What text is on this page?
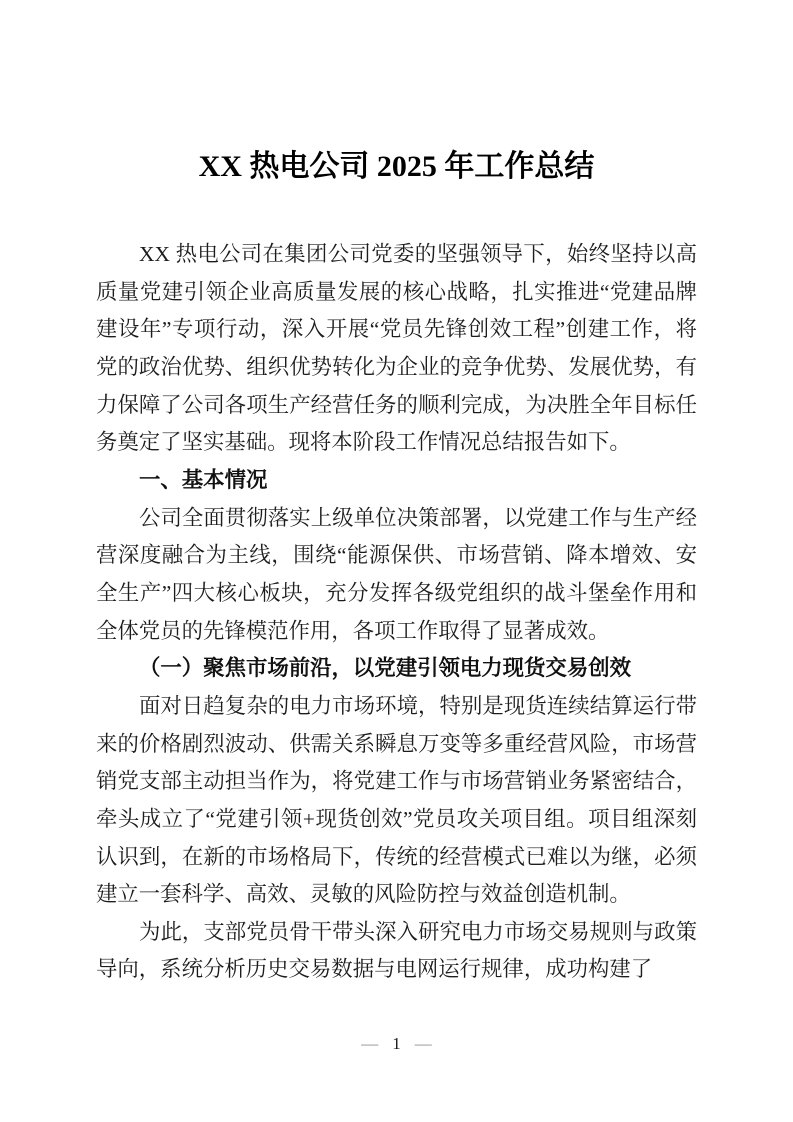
XX 热电公司 2025 年工作总结

XX 热电公司在集团公司党委的坚强领导下，始终坚持以高质量党建引领企业高质量发展的核心战略，扎实推进“党建品牌建设年”专项行动，深入开展“党员先锋创效工程”创建工作，将党的政治优势、组织优势转化为企业的竞争优势、发展优势，有力保障了公司各项生产经营任务的顺利完成，为决胜全年目标任务奠定了坚实基础。现将本阶段工作情况总结报告如下。

一、基本情况

公司全面贯彻落实上级单位决策部署，以党建工作与生产经营深度融合为主线，围绕“能源保供、市场营销、降本增效、安全生产”四大核心板块，充分发挥各级党组织的战斗堡垒作用和全体党员的先锋模范作用，各项工作取得了显著成效。

（一）聚焦市场前沿，以党建引领电力现货交易创效

面对日趋复杂的电力市场环境，特别是现货连续结算运行带来的价格剧烈波动、供需关系瞬息万变等多重经营风险，市场营销党支部主动担当作为，将党建工作与市场营销业务紧密结合，牵头成立了“党建引领+现货创效”党员攻关项目组。项目组深刻认识到，在新的市场格局下，传统的经营模式已难以为继，必须建立一套科学、高效、灵敏的风险防控与效益创造机制。

为此，支部党员骨干带头深入研究电力市场交易规则与政策导向，系统分析历史交易数据与电网运行规律，成功构建了

— 1 —
